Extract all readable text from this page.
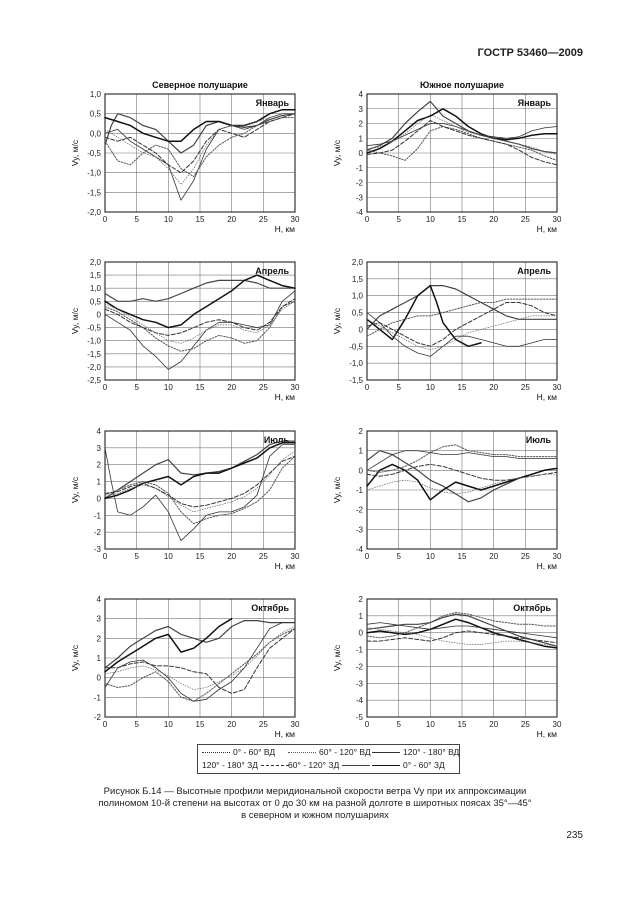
ГОСТР 53460—2009
1,0
0,5
0,0
-0,5
-1,0
-1,5
-2,0
0	5	10	15	20	25	30
Январь
Северное полушарие
H, км
Vy, м/с
4
3
2
1
0
-1
-2
-3
-4
0	5	10	15	20	25	30
Январь
Южное полушарие
H, км
Vy, м/с
2,0
1,5
1,0
0,5
0
-0,5
-1,0
-1,5
-2,0
-2,5
0	5	10	15	20	25	30
Апрель
H, км
Vy, м/с
2,0
1,5
1,0
0,5
0
-0,5
-1,0
-1,5
0	5	10	15	20	25	30
Апрель
H, км
Vy, м/с
4
3
2
1
0
-1
-2
-3
0	5	10	15	20	25	30
Июль
H, км
Vy, м/с
2
1
0
-1
-2
-3
-4
0	5	10	15	20	25	30
Июль
H, км
Vy, м/с
4
3
2
1
0
-1
-2
0	5	10	15	20	25	30
Октябрь
H, км
Vy, м/с
2
1
0
-1
-2
-3
-4
-5
0	5	10	15	20	25	30
Октябрь
H, км
Vy, м/с
0° - 60° ВД	60° - 120° ВД	120° - 180° ВД
120° - 180° ЗД	60° - 120° ЗД	0° - 60° ЗД
Рисунок Б.14 — Высотные профили меридиональной скорости ветра Vy при их аппроксимации
полиномом 10-й степени на высотах от 0 до 30 км на разной долготе в широтных поясах 35°—45°
в северном и южном полушариях
235
